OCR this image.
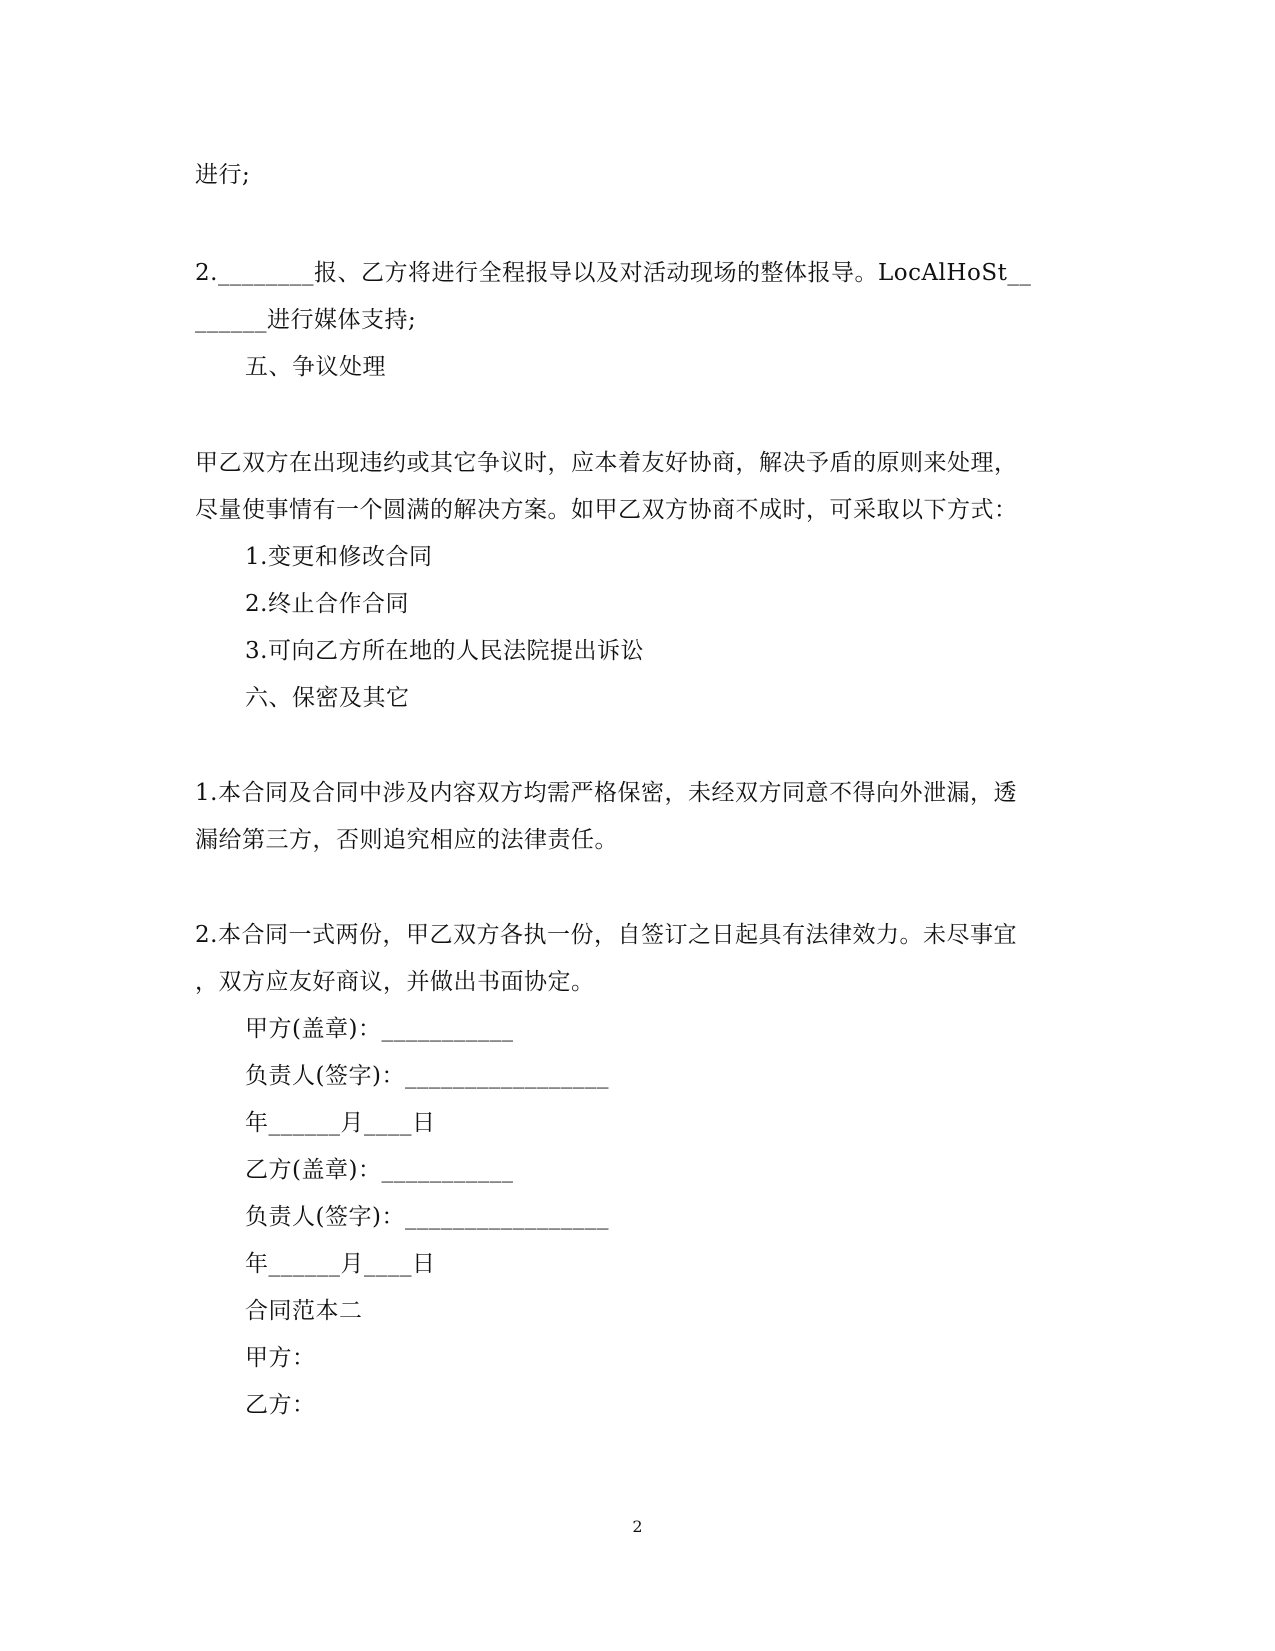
进行;
2.________报、乙方将进行全程报导以及对活动现场的整体报导。LocAlHoSt__
______进行媒体支持;
五、争议处理
甲乙双方在出现违约或其它争议时，应本着友好协商，解决予盾的原则来处理，
尽量使事情有一个圆满的解决方案。如甲乙双方协商不成时，可采取以下方式：
1.变更和修改合同
2.终止合作合同
3.可向乙方所在地的人民法院提出诉讼
六、保密及其它
1.本合同及合同中涉及内容双方均需严格保密，未经双方同意不得向外泄漏，透
漏给第三方，否则追究相应的法律责任。
2.本合同一式两份，甲乙双方各执一份，自签订之日起具有法律效力。未尽事宜
，双方应友好商议，并做出书面协定。
甲方(盖章)：___________
负责人(签字)：_________________
年______月____日
乙方(盖章)：___________
负责人(签字)：_________________
年______月____日
合同范本二
甲方：
乙方：
2
